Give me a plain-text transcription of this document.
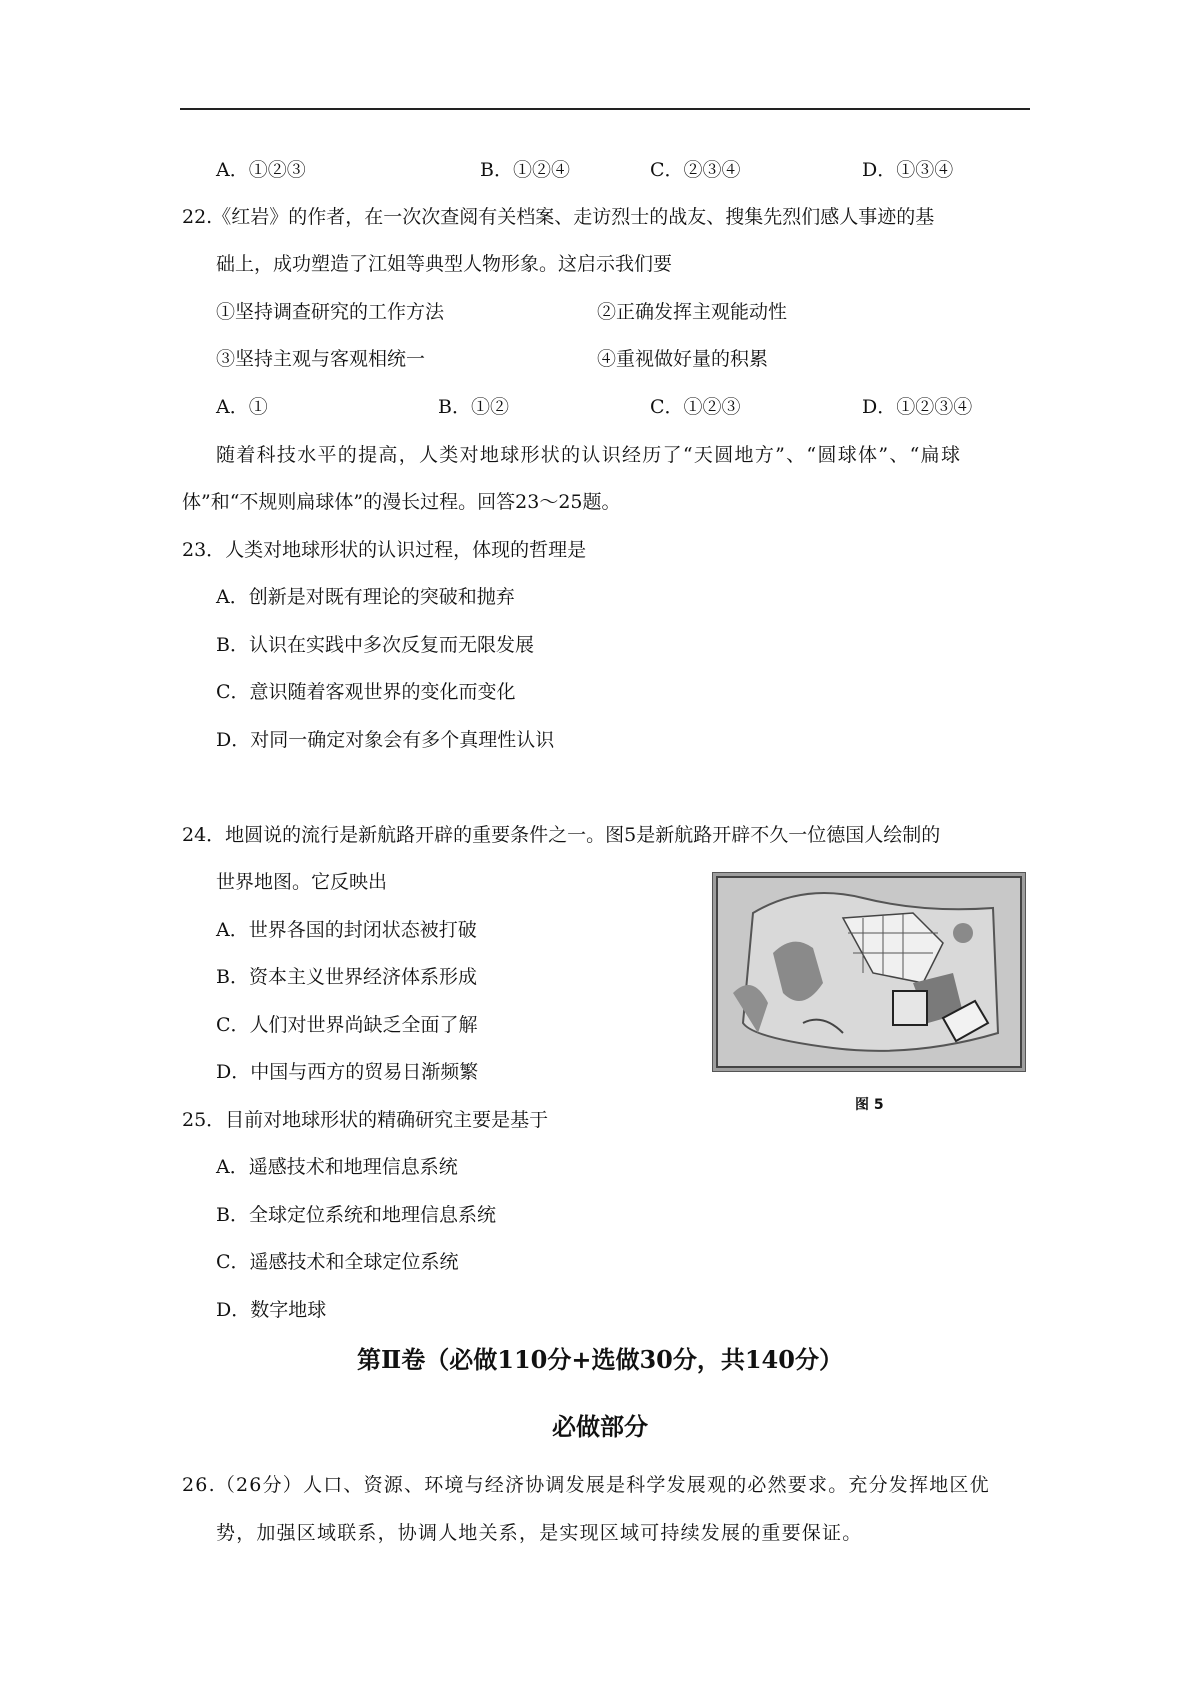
A．①②③	B．①②④	C．②③④	D．①③④
22.《红岩》的作者，在一次次查阅有关档案、走访烈士的战友、搜集先烈们感人事迹的基
础上，成功塑造了江姐等典型人物形象。这启示我们要
①坚持调查研究的工作方法	②正确发挥主观能动性
③坚持主观与客观相统一	④重视做好量的积累
A．①	B．①②	C．①②③	D．①②③④
随着科技水平的提高，人类对地球形状的认识经历了“天圆地方”、“圆球体”、“扁球
体”和“不规则扁球体”的漫长过程。回答23～25题。
23．人类对地球形状的认识过程，体现的哲理是
A．创新是对既有理论的突破和抛弃
B．认识在实践中多次反复而无限发展
C．意识随着客观世界的变化而变化
D．对同一确定对象会有多个真理性认识
24．地圆说的流行是新航路开辟的重要条件之一。图5是新航路开辟不久一位德国人绘制的
世界地图。它反映出
A．世界各国的封闭状态被打破
B．资本主义世界经济体系形成
C．人们对世界尚缺乏全面了解
D．中国与西方的贸易日渐频繁
图 5
25．目前对地球形状的精确研究主要是基于
A．遥感技术和地理信息系统
B．全球定位系统和地理信息系统
C．遥感技术和全球定位系统
D．数字地球
第Ⅱ卷（必做110分+选做30分，共140分）
必做部分
26.（26分）人口、资源、环境与经济协调发展是科学发展观的必然要求。充分发挥地区优
势，加强区域联系，协调人地关系，是实现区域可持续发展的重要保证。
